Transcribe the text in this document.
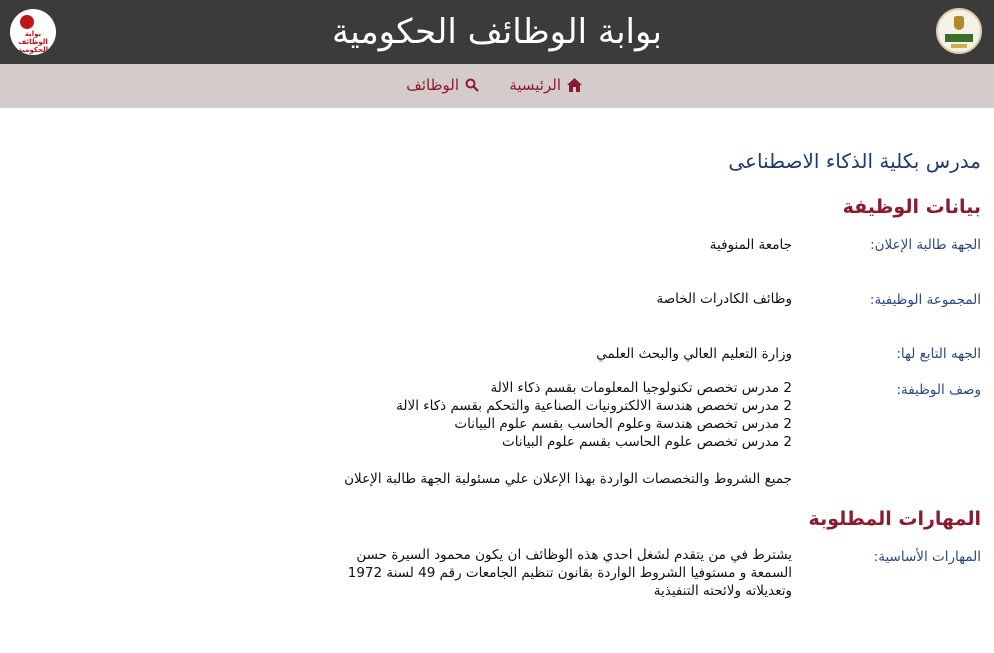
بوابة الوظائف الحكومية
بوابة الوظائف الحكومية
الرئيسية
الوظائف
مدرس بكلية الذكاء الاصطناعى
بيانات الوظيفة
الجهة طالبة الإعلان:
جامعة المنوفية
المجموعة الوظيفية:
وظائف الكادرات الخاصة
الجهه التابع لها:
وزارة التعليم العالي والبحث العلمي
وصف الوظيفة:
2 مدرس تخصص تكنولوجيا المعلومات بقسم ذكاء الالة
2 مدرس تخصص هندسة الالكترونيات الصناعية والتحكم بقسم ذكاء الالة
2 مدرس تخصص هندسة وعلوم الحاسب بقسم علوم البيانات
2 مدرس تخصص علوم الحاسب بقسم علوم البيانات
جميع الشروط والتخصصات الواردة بهذا الإعلان علي مسئولية الجهة طالبة الإعلان
المهارات المطلوبة
المهارات الأساسية:
يشترط في من يتقدم لشغل احدي هذه الوظائف ان يكون محمود السيرة حسن السمعة و مستوفيا الشروط الواردة بقانون تنظيم الجامعات رقم 49 لسنة 1972 وتعديلاته ولائحته التنفيذية
